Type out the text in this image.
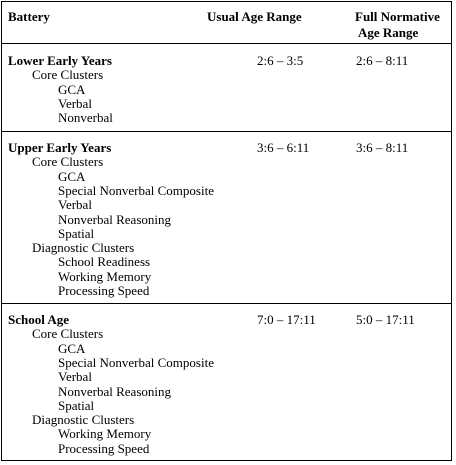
Battery	Usual Age Range	Full Normative
Age Range
Lower Early Years	2:6 – 3:5	2:6 – 8:11
Core Clusters
GCA
Verbal
Nonverbal
Upper Early Years	3:6 – 6:11	3:6 – 8:11
Core Clusters
GCA
Special Nonverbal Composite
Verbal
Nonverbal Reasoning
Spatial
Diagnostic Clusters
School Readiness
Working Memory
Processing Speed
School Age	7:0 – 17:11	5:0 – 17:11
Core Clusters
GCA
Special Nonverbal Composite
Verbal
Nonverbal Reasoning
Spatial
Diagnostic Clusters
Working Memory
Processing Speed
